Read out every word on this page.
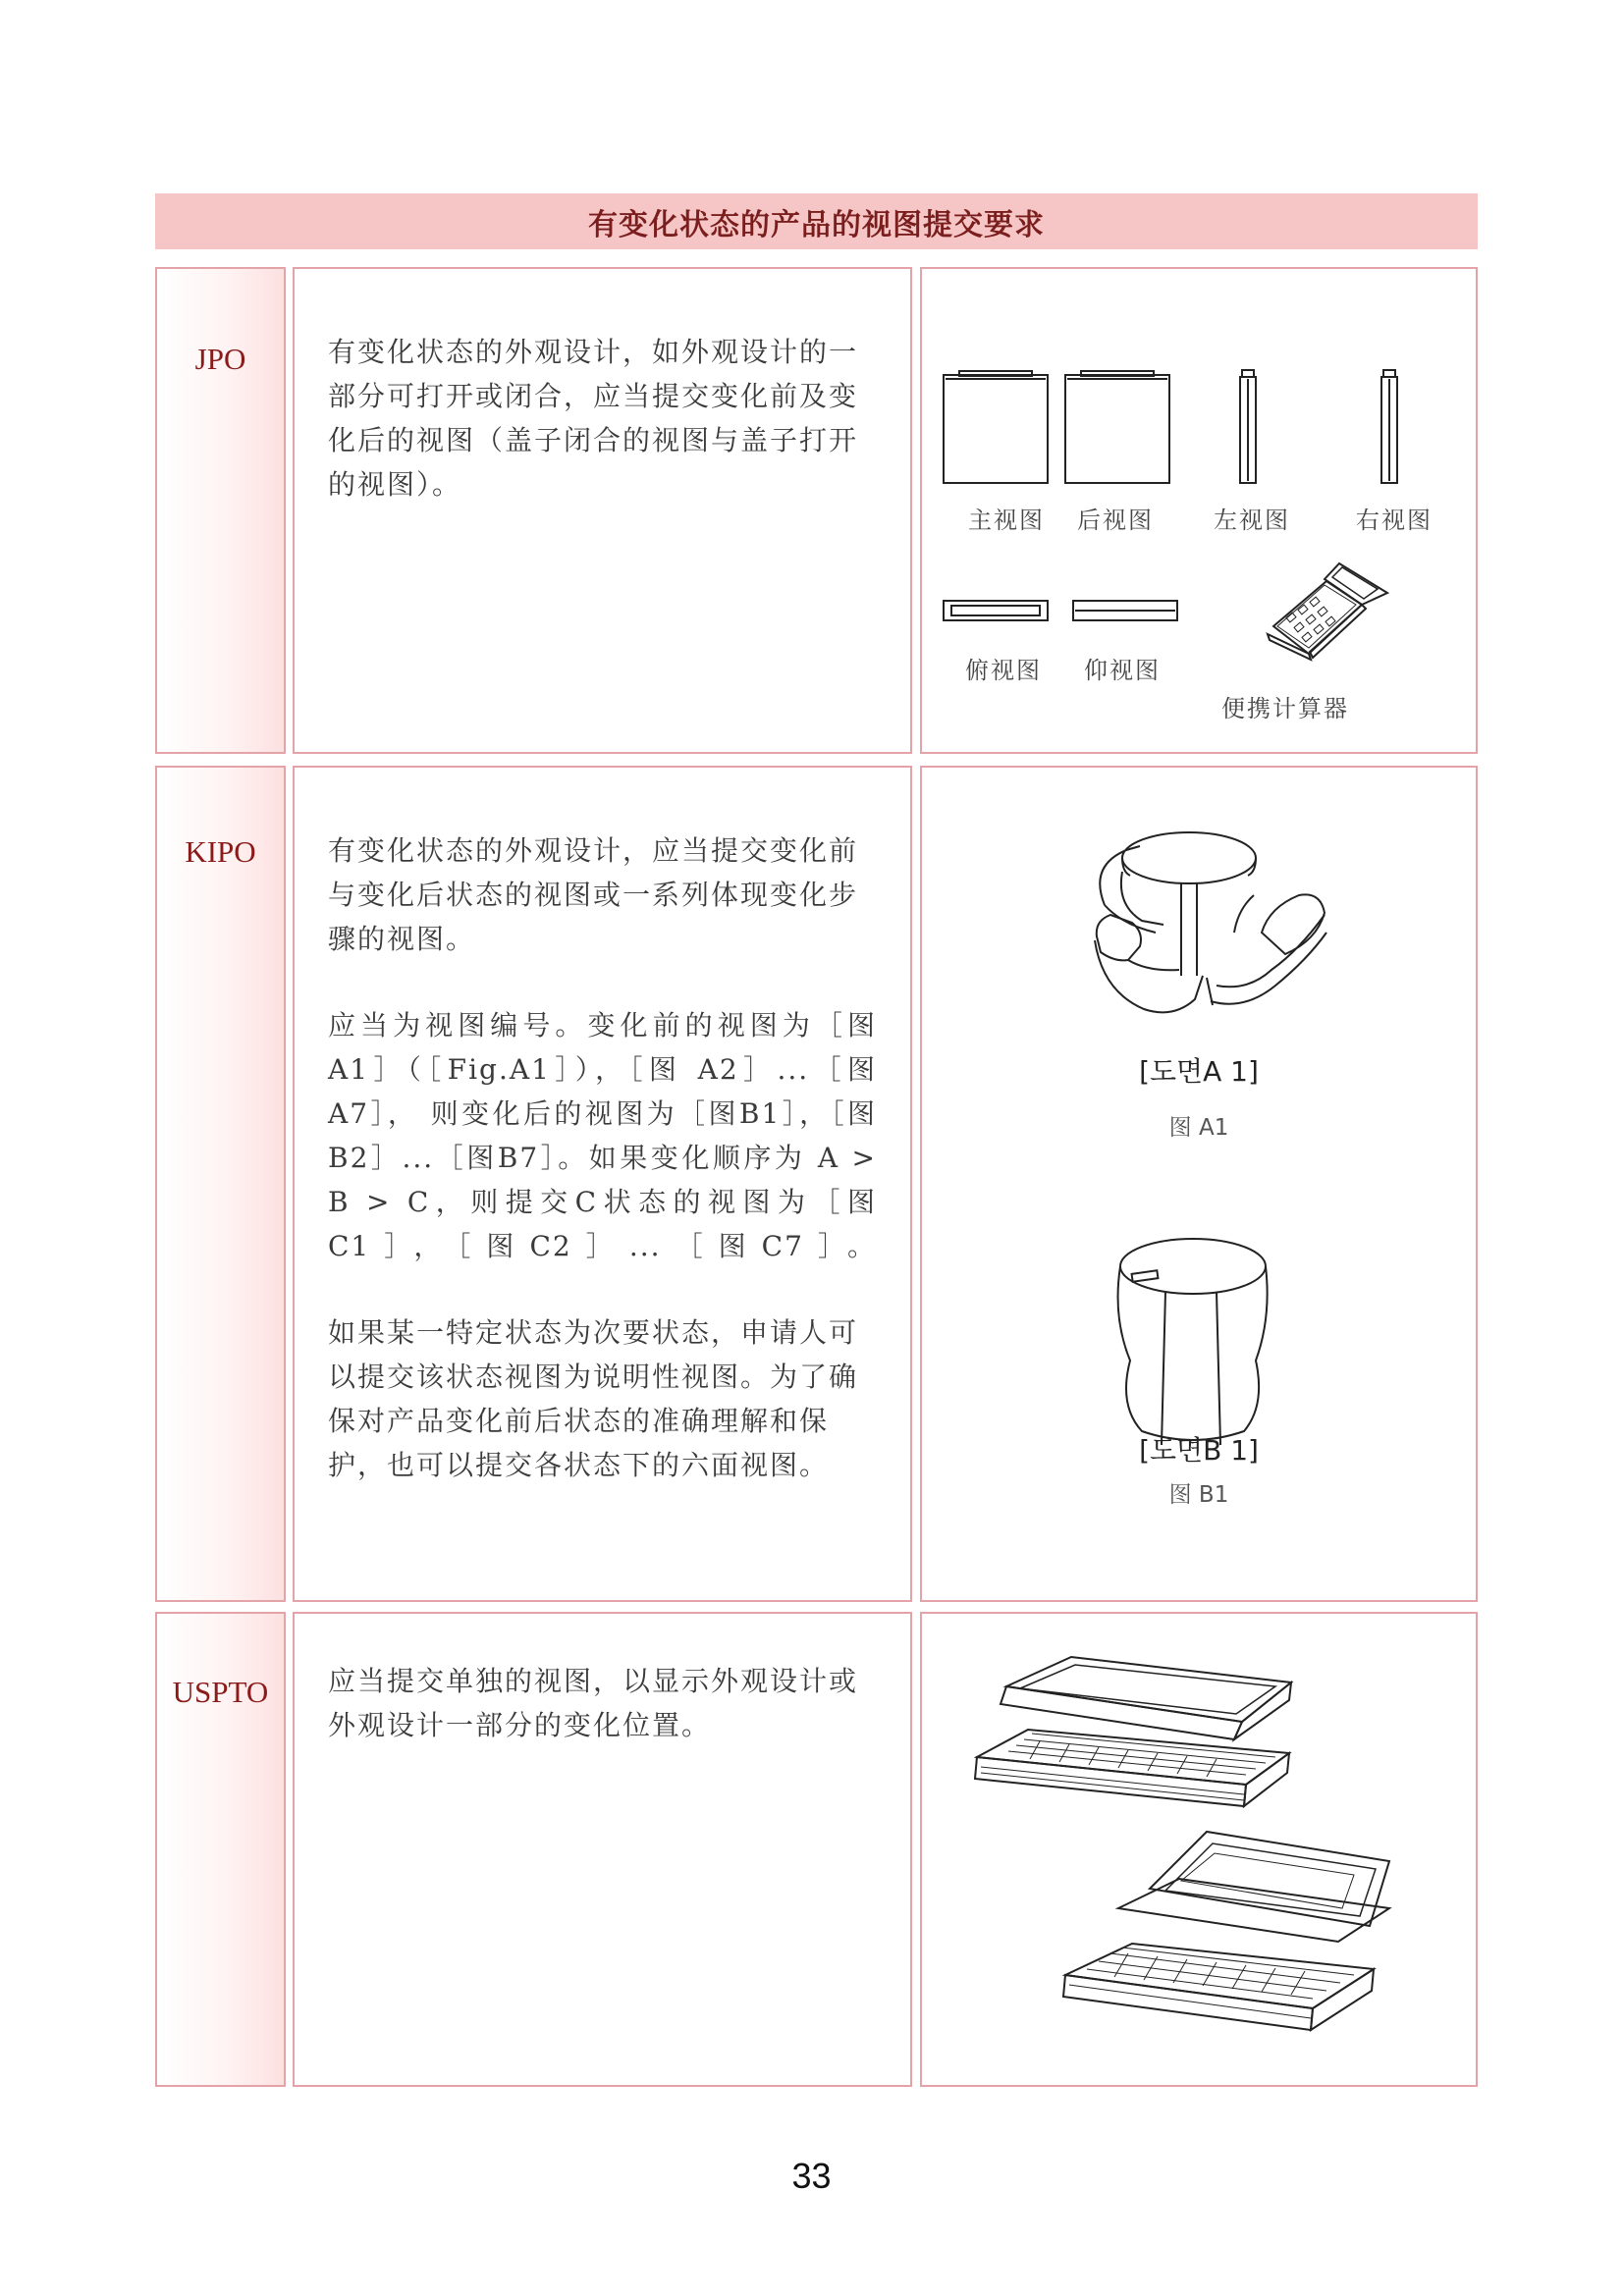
有变化状态的产品的视图提交要求
JPO	有变化状态的外观设计，如外观设计的一部分可打开或闭合，应当提交变化前及变化后的视图（盖子闭合的视图与盖子打开的视图）。

主视图 后视图	左视图	右视图
俯视图 仰视图
便携计算器
KIPO	有变化状态的外观设计，应当提交变化前与变化后状态的视图或一系列体现变化步骤的视图。

应当为视图编号。变化前的视图为［图A1］（［Fig.A1］），［图 A2］...［图 A7］， 则变化后的视图为［图B1］，［图B2］...［图B7］。如果变化顺序为 A > B > C，则提交C状态的视图为［图C1］，［图C2］...［图C7］。

如果某一特定状态为次要状态，申请人可以提交该状态视图为说明性视图。为了确保对产品变化前后状态的准确理解和保护，也可以提交各状态下的六面视图。

[도면A 1]
图 A1
[도면B 1]
图 B1
USPTO	应当提交单独的视图，以显示外观设计或外观设计一部分的变化位置。

33
